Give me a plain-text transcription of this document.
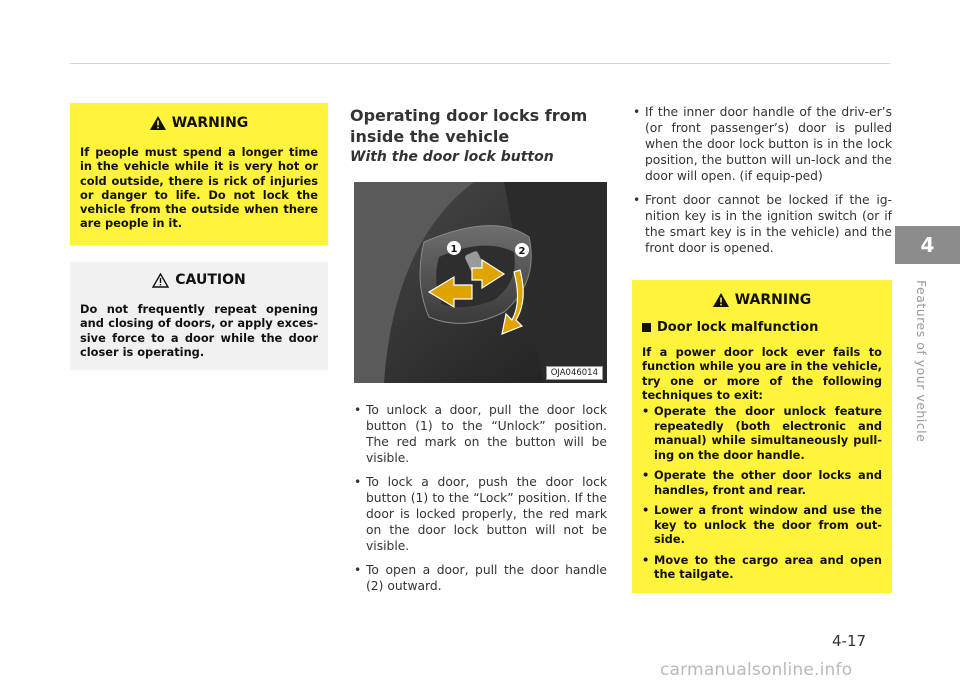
WARNING
If people must spend a longer time in the vehicle while it is very hot or cold outside, there is rick of injuries or danger to life. Do not lock the vehicle from the outside when there are people in it.
CAUTION
Do not frequently repeat opening and closing of doors, or apply exces-sive force to a door while the door closer is operating.
Operating door locks from inside the vehicle
With the door lock button
1	2
OJA046014
• To unlock a door, pull the door lock button (1) to the “Unlock” position. The red mark on the button will be visible.
• To lock a door, push the door lock button (1) to the “Lock” position. If the door is locked properly, the red mark on the door lock button will not be visible.
• To open a door, pull the door handle (2) outward.
• If the inner door handle of the driv-er’s (or front passenger’s) door is pulled when the door lock button is in the lock position, the button will un-lock and the door will open. (if equip-ped)
• Front door cannot be locked if the ig-nition key is in the ignition switch (or if the smart key is in the vehicle) and the front door is opened.
WARNING
Door lock malfunction
If a power door lock ever fails to function while you are in the vehicle, try one or more of the following techniques to exit:
• Operate the door unlock feature repeatedly (both electronic and manual) while simultaneously pull-ing on the door handle.
• Operate the other door locks and handles, front and rear.
• Lower a front window and use the key to unlock the door from out-side.
• Move to the cargo area and open the tailgate.
4
Features of your vehicle
4-17
carmanualsonline.info
